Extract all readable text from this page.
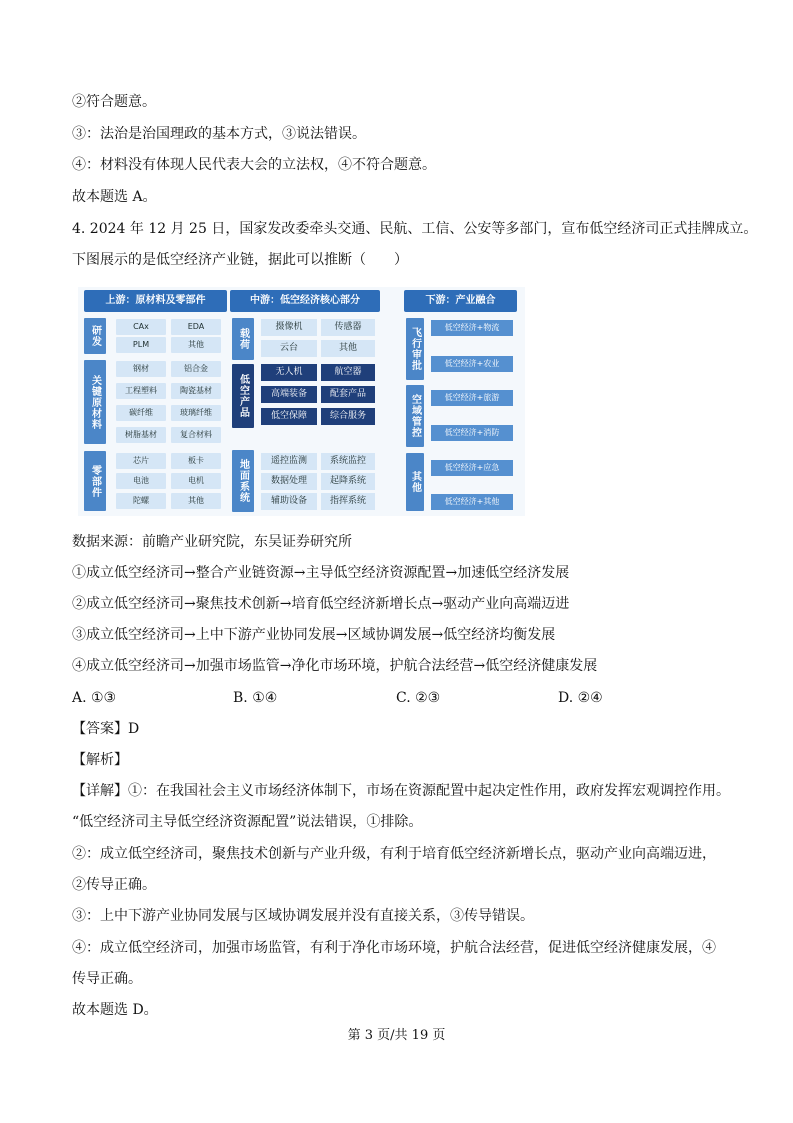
②符合题意。
③：法治是治国理政的基本方式，③说法错误。
④：材料没有体现人民代表大会的立法权，④不符合题意。
故本题选 A。
4. 2024 年 12 月 25 日，国家发改委牵头交通、民航、工信、公安等多部门，宣布低空经济司正式挂牌成立。
下图展示的是低空经济产业链，据此可以推断（　　）
上游：原材料及零部件	中游：低空经济核心部分	下游：产业融合
研发	CAx	EDA
PLM	其他
关键原材料
钢材	铝合金
工程塑料	陶瓷基材
碳纤维	玻璃纤维
树脂基材	复合材料
零部件
芯片	板卡
电池	电机
陀螺	其他
载荷
摄像机	传感器
云台	其他
低空产品
无人机	航空器
高端装备	配套产品
低空保障	综合服务
地面系统	遥控监测	系统监控
数据处理	起降系统
辅助设备	指挥系统
飞行审批	低空经济+物流
低空经济+农业
空域管控	低空经济+旅游
低空经济+消防
其他
低空经济+应急
低空经济+其他
数据来源：前瞻产业研究院，东吴证券研究所
①成立低空经济司→整合产业链资源→主导低空经济资源配置→加速低空经济发展
②成立低空经济司→聚焦技术创新→培育低空经济新增长点→驱动产业向高端迈进
③成立低空经济司→上中下游产业协同发展→区域协调发展→低空经济均衡发展
④成立低空经济司→加强市场监管→净化市场环境，护航合法经营→低空经济健康发展
A. ①③	B. ①④	C. ②③	D. ②④
【答案】D
【解析】
【详解】①：在我国社会主义市场经济体制下，市场在资源配置中起决定性作用，政府发挥宏观调控作用。
“低空经济司主导低空经济资源配置”说法错误，①排除。
②：成立低空经济司，聚焦技术创新与产业升级，有利于培育低空经济新增长点，驱动产业向高端迈进，
②传导正确。
③：上中下游产业协同发展与区域协调发展并没有直接关系，③传导错误。
④：成立低空经济司，加强市场监管，有利于净化市场环境，护航合法经营，促进低空经济健康发展，④
传导正确。
故本题选 D。
第 3 页/共 19 页
